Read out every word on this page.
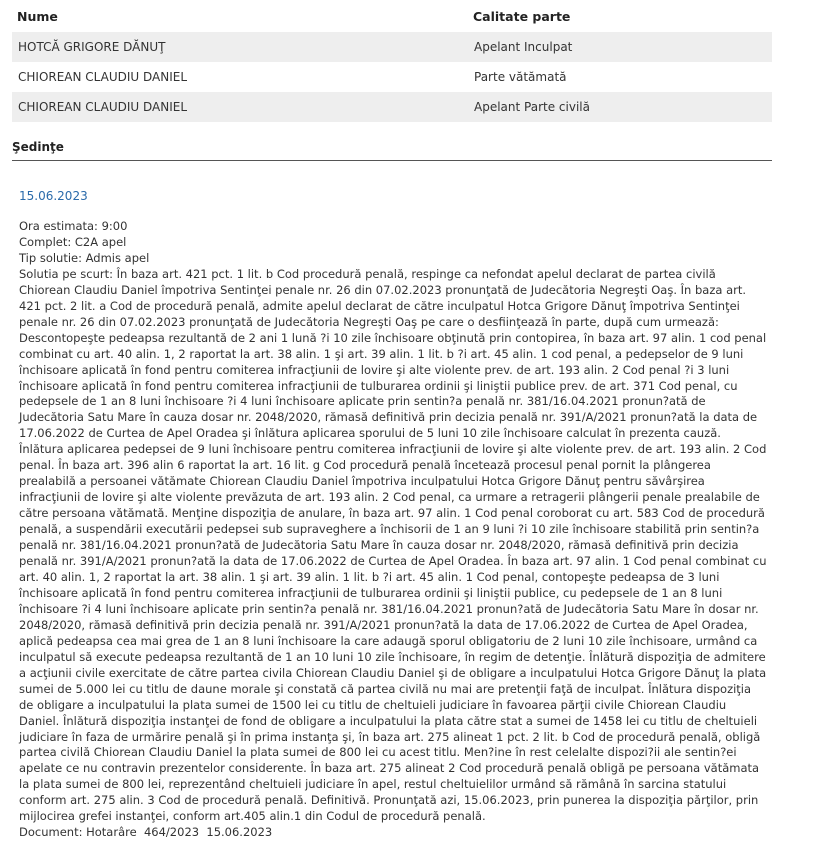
Nume	Calitate parte
HOTCĂ GRIGORE DĂNUŢ	Apelant Inculpat
CHIOREAN CLAUDIU DANIEL	Parte vătămată
CHIOREAN CLAUDIU DANIEL	Apelant Parte civilă
Şedinţe
15.06.2023
Ora estimata: 9:00
Complet: C2A apel
Tip solutie: Admis apel
Solutia pe scurt: În baza art. 421 pct. 1 lit. b Cod procedură penală, respinge ca nefondat apelul declarat de partea civilă Chiorean Claudiu Daniel împotriva Sentinţei penale nr. 26 din 07.02.2023 pronunţată de Judecătoria Negreşti Oaş. În baza art. 421 pct. 2 lit. a Cod de procedură penală, admite apelul declarat de către inculpatul Hotca Grigore Dănuţ împotriva Sentinţei penale nr. 26 din 07.02.2023 pronunţată de Judecătoria Negreşti Oaş pe care o desfiinţează în parte, după cum urmează: Descontopeşte pedeapsa rezultantă de 2 ani 1 lună ?i 10 zile închisoare obţinută prin contopirea, în baza art. 97 alin. 1 cod penal combinat cu art. 40 alin. 1, 2 raportat la art. 38 alin. 1 şi art. 39 alin. 1 lit. b ?i art. 45 alin. 1 cod penal, a pedepselor de 9 luni închisoare aplicată în fond pentru comiterea infracţiunii de lovire şi alte violente prev. de art. 193 alin. 2 Cod penal ?i 3 luni închisoare aplicată în fond pentru comiterea infracţiunii de tulburarea ordinii şi liniştii publice prev. de art. 371 Cod penal, cu pedepsele de 1 an 8 luni închisoare ?i 4 luni închisoare aplicate prin sentin?a penală nr. 381/16.04.2021 pronun?ată de Judecătoria Satu Mare în cauza dosar nr. 2048/2020, rămasă definitivă prin decizia penală nr. 391/A/2021 pronun?ată la data de 17.06.2022 de Curtea de Apel Oradea şi înlătura aplicarea sporului de 5 luni 10 zile închisoare calculat în prezenta cauză. Înlătura aplicarea pedepsei de 9 luni închisoare pentru comiterea infracţiunii de lovire şi alte violente prev. de art. 193 alin. 2 Cod penal. În baza art. 396 alin 6 raportat la art. 16 lit. g Cod procedură penală încetează procesul penal pornit la plângerea prealabilă a persoanei vătămate Chiorean Claudiu Daniel împotriva inculpatului Hotca Grigore Dănuţ pentru săvârşirea infracţiunii de lovire şi alte violente prevăzuta de art. 193 alin. 2 Cod penal, ca urmare a retragerii plângerii penale prealabile de către persoana vătămată. Menţine dispoziţia de anulare, în baza art. 97 alin. 1 Cod penal coroborat cu art. 583 Cod de procedură penală, a suspendării executării pedepsei sub supraveghere a închisorii de 1 an 9 luni ?i 10 zile închisoare stabilită prin sentin?a penală nr. 381/16.04.2021 pronun?ată de Judecătoria Satu Mare în cauza dosar nr. 2048/2020, rămasă definitivă prin decizia penală nr. 391/A/2021 pronun?ată la data de 17.06.2022 de Curtea de Apel Oradea. În baza art. 97 alin. 1 Cod penal combinat cu art. 40 alin. 1, 2 raportat la art. 38 alin. 1 şi art. 39 alin. 1 lit. b ?i art. 45 alin. 1 Cod penal, contopeşte pedeapsa de 3 luni închisoare aplicată în fond pentru comiterea infracţiunii de tulburarea ordinii şi liniştii publice, cu pedepsele de 1 an 8 luni închisoare ?i 4 luni închisoare aplicate prin sentin?a penală nr. 381/16.04.2021 pronun?ată de Judecătoria Satu Mare în dosar nr. 2048/2020, rămasă definitivă prin decizia penală nr. 391/A/2021 pronun?ată la data de 17.06.2022 de Curtea de Apel Oradea, aplică pedeapsa cea mai grea de 1 an 8 luni închisoare la care adaugă sporul obligatoriu de 2 luni 10 zile închisoare, urmând ca inculpatul să execute pedeapsa rezultantă de 1 an 10 luni 10 zile închisoare, în regim de detenţie. Înlătură dispoziţia de admitere a acţiunii civile exercitate de către partea civila Chiorean Claudiu Daniel şi de obligare a inculpatului Hotca Grigore Dănuţ la plata sumei de 5.000 lei cu titlu de daune morale şi constată că partea civilă nu mai are pretenţii faţă de inculpat. Înlătura dispoziţia de obligare a inculpatului la plata sumei de 1500 lei cu titlu de cheltuieli judiciare în favoarea părţii civile Chiorean Claudiu Daniel. Înlătură dispoziţia instanţei de fond de obligare a inculpatului la plata către stat a sumei de 1458 lei cu titlu de cheltuieli judiciare în faza de urmărire penală şi în prima instanţa şi, în baza art. 275 alineat 1 pct. 2 lit. b Cod de procedură penală, obligă partea civilă Chiorean Claudiu Daniel la plata sumei de 800 lei cu acest titlu. Men?ine în rest celelalte dispozi?ii ale sentin?ei apelate ce nu contravin prezentelor considerente. În baza art. 275 alineat 2 Cod procedură penală obligă pe persoana vătămata la plata sumei de 800 lei, reprezentând cheltuieli judiciare în apel, restul cheltuielilor urmând să rămână în sarcina statului conform art. 275 alin. 3 Cod de procedură penală. Definitivă. Pronunţată azi, 15.06.2023, prin punerea la dispoziţia părţilor, prin mijlocirea grefei instanţei, conform art.405 alin.1 din Codul de procedură penală.
Document: Hotarâre  464/2023  15.06.2023
